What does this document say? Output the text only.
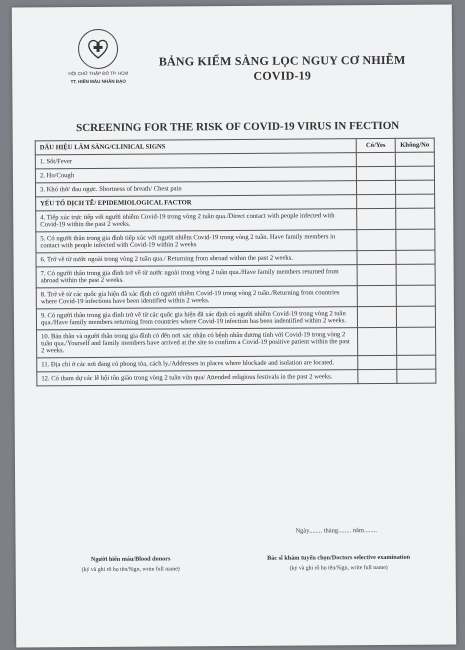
HỘI CHỮ THẬP ĐỎ TP. HCM
TT. HIẾN MÁU NHÂN ĐẠO
BẢNG KIỂM SÀNG LỌC NGUY CƠ NHIỄM
COVID-19
SCREENING FOR THE RISK OF COVID-19 VIRUS IN FECTION
DẤU HIỆU LÂM SÀNG/CLINICAL SIGNS	Có/Yes	Không/No
1. Sốt/Fever		
2. Ho/Cough		
3. Khó thở/ đau ngực. Shortness of breath/ Chest pain		
YẾU TỐ DỊCH TỄ/ EPIDEMIOLOGICAL FACTOR		
4. Tiếp xúc trực tiếp với người nhiễm Covid-19 trong vòng 2 tuần qua./Direct contact with people infected with Covid-19 within the past 2 weeks.		
5. Có người thân trong gia đình tiếp xúc với người nhiễm Covid-19 trong vòng 2 tuần. Have family members in contact with people infected with Covid-19 within 2 weeks		
6. Trở về từ nước ngoài trong vòng 2 tuần qua./ Returning from abroad within the past 2 weeks.		
7. Có người thân trong gia đình trở về từ nước ngoài trong vòng 2 tuần qua./Have family members returned from abroad within the past 2 weeks.		
8. Trở về từ các quốc gia hiện đã xác định có người nhiễm Covid-19 trong vòng 2 tuần./Returning from countries where Covid-19 infections have been identified within 2 weeks.		
9. Có người thân trong gia đình trở về từ các quốc gia hiện đã xác định có người nhiễm Covid-19 trong vòng 2 tuần qua./Have family members returning from countries where Covid-19 infection has been indentified within 2 weeks.		
10. Bản thân và người thân trong gia đình có đến nơi xác nhận có bệnh nhân dương tính với Covid-19 trong vòng 2 tuần qua./Yourself and family members have arrived at the site to confirm a Covid-19 positive patient within the past 2 weeks.		
11. Địa chỉ ở các nơi đang có phong tỏa, cách ly./Addresses in places where blockade and isolation are located.		
12. Có tham dự các lễ hội tôn giáo trong vòng 2 tuần vừa qua/ Attended religious festivals in the past 2 weeks.		
Ngày........ tháng........ năm........
Người hiến máu/Blood donors
(ký và ghi rõ họ tên/Sign, write full name)
Bác sĩ khám tuyển chọn/Doctors selective examination
(ký và ghi rõ họ tên/Sign, write full name)
